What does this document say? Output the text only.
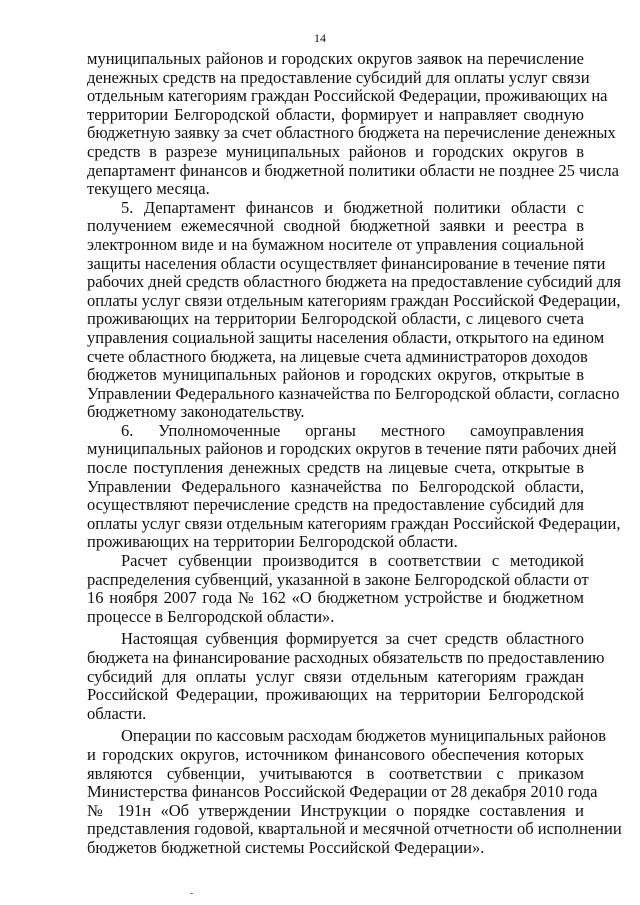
14

муниципальных районов и городских округов заявок на перечисление
денежных средств на предоставление субсидий для оплаты услуг связи
отдельным категориям граждан Российской Федерации, проживающих на
территории Белгородской области, формирует и направляет сводную
бюджетную заявку за счет областного бюджета на перечисление денежных
средств в разрезе муниципальных районов и городских округов в
департамент финансов и бюджетной политики области не позднее 25 числа
текущего месяца.

5. Департамент финансов и бюджетной политики области с
получением ежемесячной сводной бюджетной заявки и реестра в
электронном виде и на бумажном носителе от управления социальной
защиты населения области осуществляет финансирование в течение пяти
рабочих дней средств областного бюджета на предоставление субсидий для
оплаты услуг связи отдельным категориям граждан Российской Федерации,
проживающих на территории Белгородской области, с лицевого счета
управления социальной защиты населения области, открытого на едином
счете областного бюджета, на лицевые счета администраторов доходов
бюджетов муниципальных районов и городских округов, открытые в
Управлении Федерального казначейства по Белгородской области, согласно
бюджетному законодательству.

6. Уполномоченные органы местного самоуправления
муниципальных районов и городских округов в течение пяти рабочих дней
после поступления денежных средств на лицевые счета, открытые в
Управлении Федерального казначейства по Белгородской области,
осуществляют перечисление средств на предоставление субсидий для
оплаты услуг связи отдельным категориям граждан Российской Федерации,
проживающих на территории Белгородской области.

Расчет субвенции производится в соответствии с методикой
распределения субвенций, указанной в законе Белгородской области от
16 ноября 2007 года № 162 «О бюджетном устройстве и бюджетном
процессе в Белгородской области».

Настоящая субвенция формируется за счет средств областного
бюджета на финансирование расходных обязательств по предоставлению
субсидий для оплаты услуг связи отдельным категориям граждан
Российской Федерации, проживающих на территории Белгородской
области.

Операции по кассовым расходам бюджетов муниципальных районов
и городских округов, источником финансового обеспечения которых
являются субвенции, учитываются в соответствии с приказом
Министерства финансов Российской Федерации от 28 декабря 2010 года
№ 191н «Об утверждении Инструкции о порядке составления и
представления годовой, квартальной и месячной отчетности об исполнении
бюджетов бюджетной системы Российской Федерации».
